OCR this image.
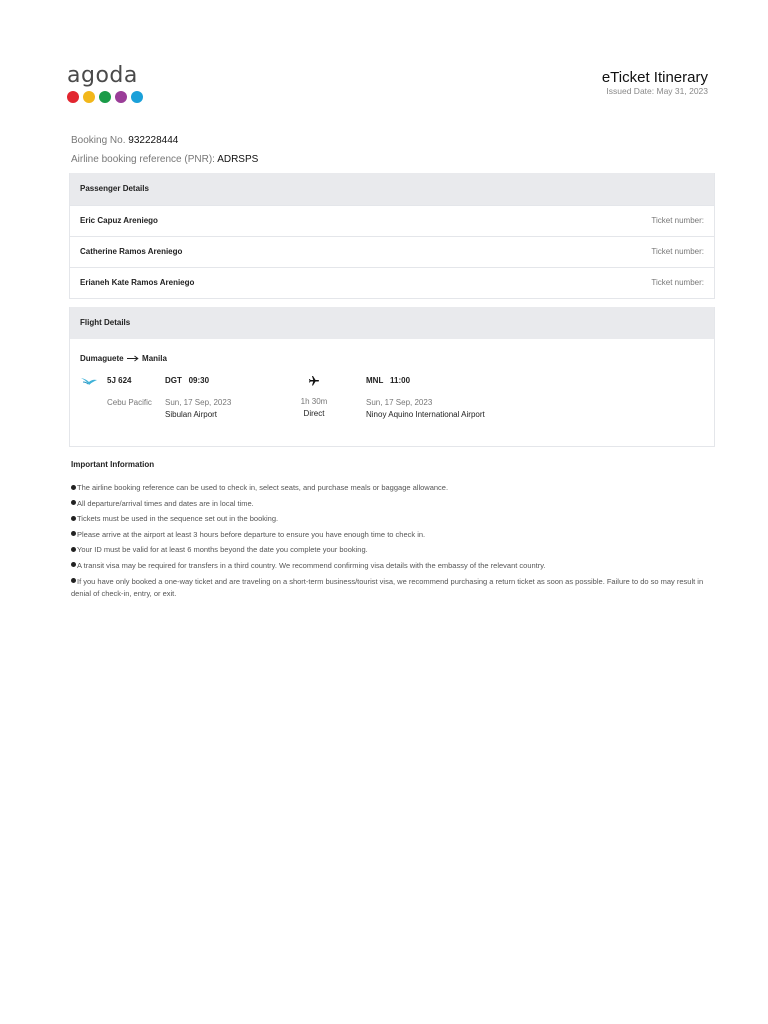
agoda	eTicket Itinerary
Issued Date: May 31, 2023
Booking No. 932228444
Airline booking reference (PNR): ADRSPS
Passenger Details
Eric Capuz Areniego	Ticket number:
Catherine Ramos Areniego	Ticket number:
Erianeh Kate Ramos Areniego	Ticket number:
Flight Details
Dumaguete Manila
5J 624
Cebu Pacific
DGT 09:30
Sun, 17 Sep, 2023
Sibulan Airport
1h 30m
Direct
MNL 11:00
Sun, 17 Sep, 2023
Ninoy Aquino International Airport
Important Information
The airline booking reference can be used to check in, select seats, and purchase meals or baggage allowance.
All departure/arrival times and dates are in local time.
Tickets must be used in the sequence set out in the booking.
Please arrive at the airport at least 3 hours before departure to ensure you have enough time to check in.
Your ID must be valid for at least 6 months beyond the date you complete your booking.
A transit visa may be required for transfers in a third country. We recommend confirming visa details with the embassy of the relevant country.
If you have only booked a one-way ticket and are traveling on a short-term business/tourist visa, we recommend purchasing a return ticket as soon as possible. Failure to do so may result in denial of check-in, entry, or exit.
